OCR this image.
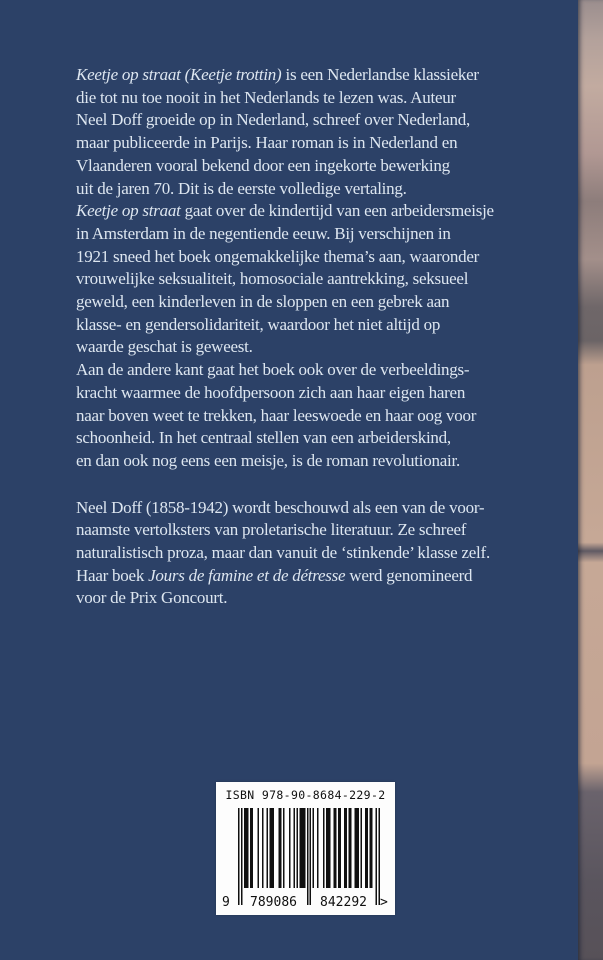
Keetje op straat (Keetje trottin) is een Nederlandse klassieker
die tot nu toe nooit in het Nederlands te lezen was. Auteur
Neel Doff groeide op in Nederland, schreef over Nederland,
maar publiceerde in Parijs. Haar roman is in Nederland en
Vlaanderen vooral bekend door een ingekorte bewerking
uit de jaren 70. Dit is de eerste volledige vertaling.
Keetje op straat gaat over de kindertijd van een arbeidersmeisje
in Amsterdam in de negentiende eeuw. Bij verschijnen in
1921 sneed het boek ongemakkelijke thema’s aan, waaronder
vrouwelijke seksualiteit, homosociale aantrekking, seksueel
geweld, een kinderleven in de sloppen en een gebrek aan
klasse- en gendersolidariteit, waardoor het niet altijd op
waarde geschat is geweest.
Aan de andere kant gaat het boek ook over de verbeeldings-
kracht waarmee de hoofdpersoon zich aan haar eigen haren
naar boven weet te trekken, haar leeswoede en haar oog voor
schoonheid. In het centraal stellen van een arbeiderskind,
en dan ook nog eens een meisje, is de roman revolutionair.
Neel Doff (1858-1942) wordt beschouwd als een van de voor-
naamste vertolksters van proletarische literatuur. Ze schreef
naturalistisch proza, maar dan vanuit de ‘stinkende’ klasse zelf.
Haar boek Jours de famine et de détresse werd genomineerd
voor de Prix Goncourt.
ISBN 978-90-8684-229-2
9	789086	842292	>
